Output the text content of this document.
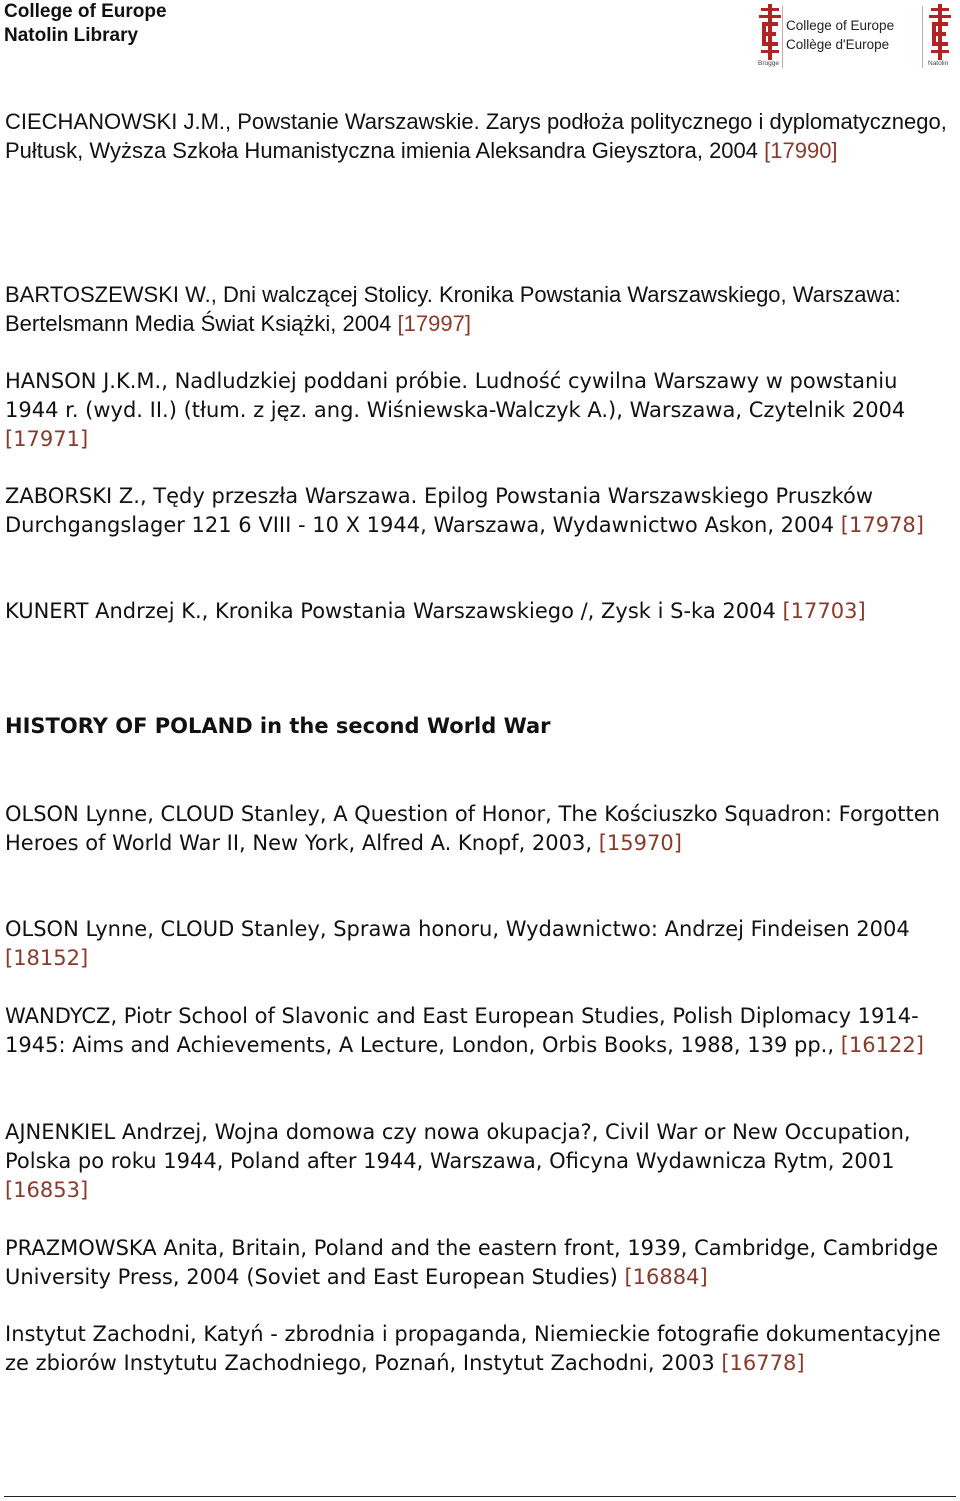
College of Europe
Natolin Library
Brugge
College of Europe
Collège d'Europe
Natolin

CIECHANOWSKI J.M., Powstanie Warszawskie. Zarys podłoża politycznego i dyplomatycznego, Pułtusk, Wyższa Szkoła Humanistyczna imienia Aleksandra Gieysztora, 2004 [17990]

BARTOSZEWSKI W., Dni walczącej Stolicy. Kronika Powstania Warszawskiego, Warszawa: Bertelsmann Media Świat Książki, 2004 [17997]

HANSON J.K.M., Nadludzkiej poddani próbie. Ludność cywilna Warszawy w powstaniu 1944 r. (wyd. II.) (tłum. z jęz. ang. Wiśniewska-Walczyk A.), Warszawa, Czytelnik 2004 [17971]

ZABORSKI Z., Tędy przeszła Warszawa. Epilog Powstania Warszawskiego Pruszków Durchgangslager 121 6 VIII - 10 X 1944, Warszawa, Wydawnictwo Askon, 2004 [17978]

KUNERT Andrzej K., Kronika Powstania Warszawskiego /, Zysk i S-ka 2004 [17703]

HISTORY OF POLAND in the second World War

OLSON Lynne, CLOUD Stanley, A Question of Honor, The Kościuszko Squadron: Forgotten Heroes of World War II, New York, Alfred A. Knopf, 2003, [15970]

OLSON Lynne, CLOUD Stanley, Sprawa honoru, Wydawnictwo: Andrzej Findeisen 2004 [18152]

WANDYCZ, Piotr School of Slavonic and East European Studies, Polish Diplomacy 1914-1945: Aims and Achievements, A Lecture, London, Orbis Books, 1988, 139 pp., [16122]

AJNENKIEL Andrzej, Wojna domowa czy nowa okupacja?, Civil War or New Occupation, Polska po roku 1944, Poland after 1944, Warszawa, Oficyna Wydawnicza Rytm, 2001 [16853]

PRAZMOWSKA Anita, Britain, Poland and the eastern front, 1939, Cambridge, Cambridge University Press, 2004 (Soviet and East European Studies) [16884]

Instytut Zachodni, Katyń - zbrodnia i propaganda, Niemieckie fotografie dokumentacyjne ze zbiorów Instytutu Zachodniego, Poznań, Instytut Zachodni, 2003 [16778]
